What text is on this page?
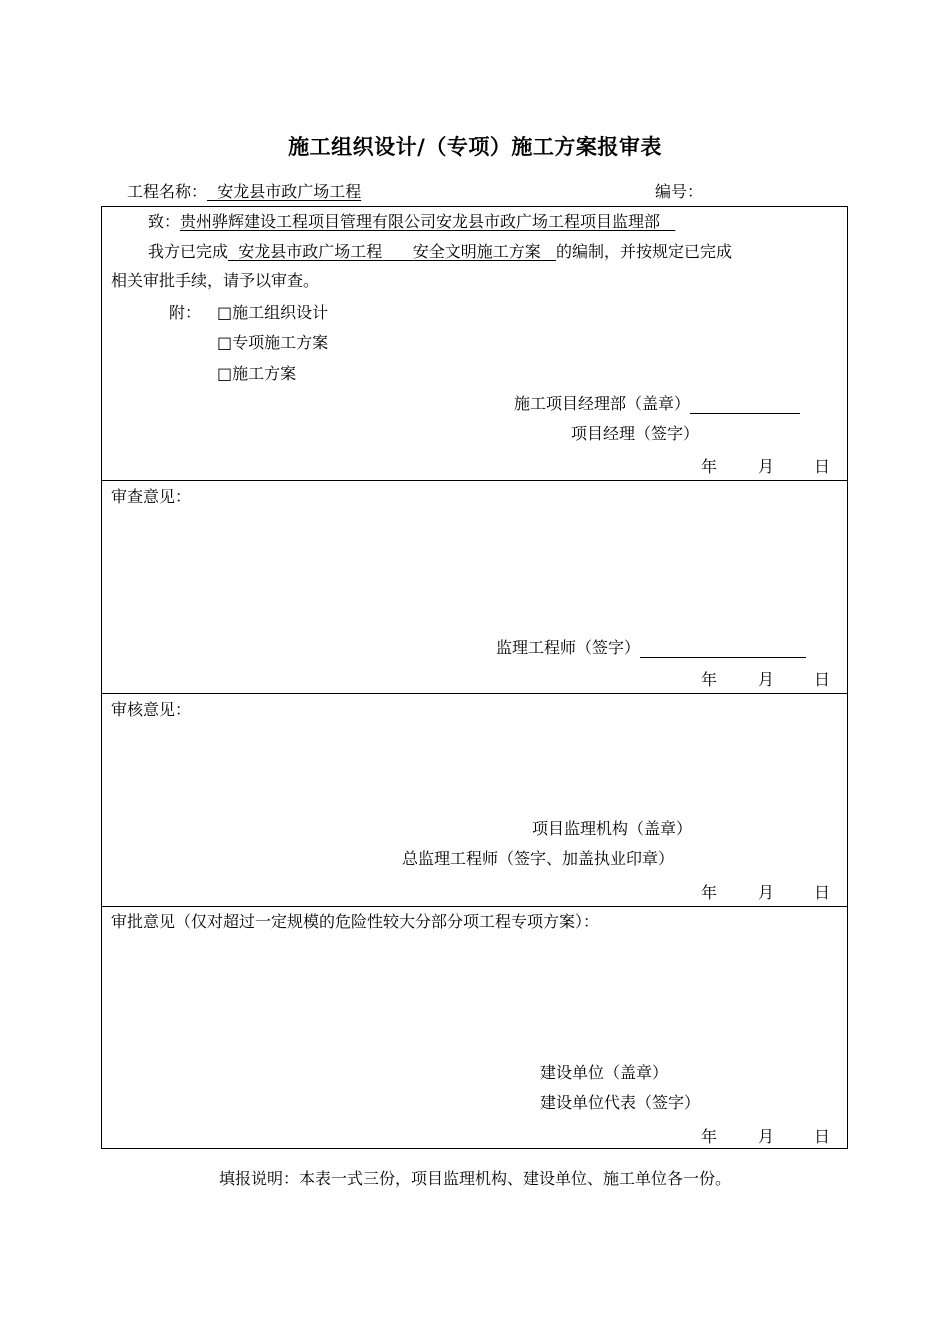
施工组织设计/（专项）施工方案报审表
工程名称： 安龙县市政广场工程	编号：
致：贵州骅辉建设工程项目管理有限公司安龙县市政广场工程项目监理部
我方已完成 安龙县市政广场工程 安全文明施工方案 的编制，并按规定已完成
相关审批手续，请予以审查。
附： □施工组织设计
□专项施工方案
□施工方案
施工项目经理部（盖章）
项目经理（签字）
年	月 日
审查意见：
监理工程师（签字）
年	月 日
审核意见：
项目监理机构（盖章）
总监理工程师（签字、加盖执业印章）
年	月 日
审批意见（仅对超过一定规模的危险性较大分部分项工程专项方案）：
建设单位（盖章）
建设单位代表（签字）
年	月 日
填报说明：本表一式三份，项目监理机构、建设单位、施工单位各一份。
